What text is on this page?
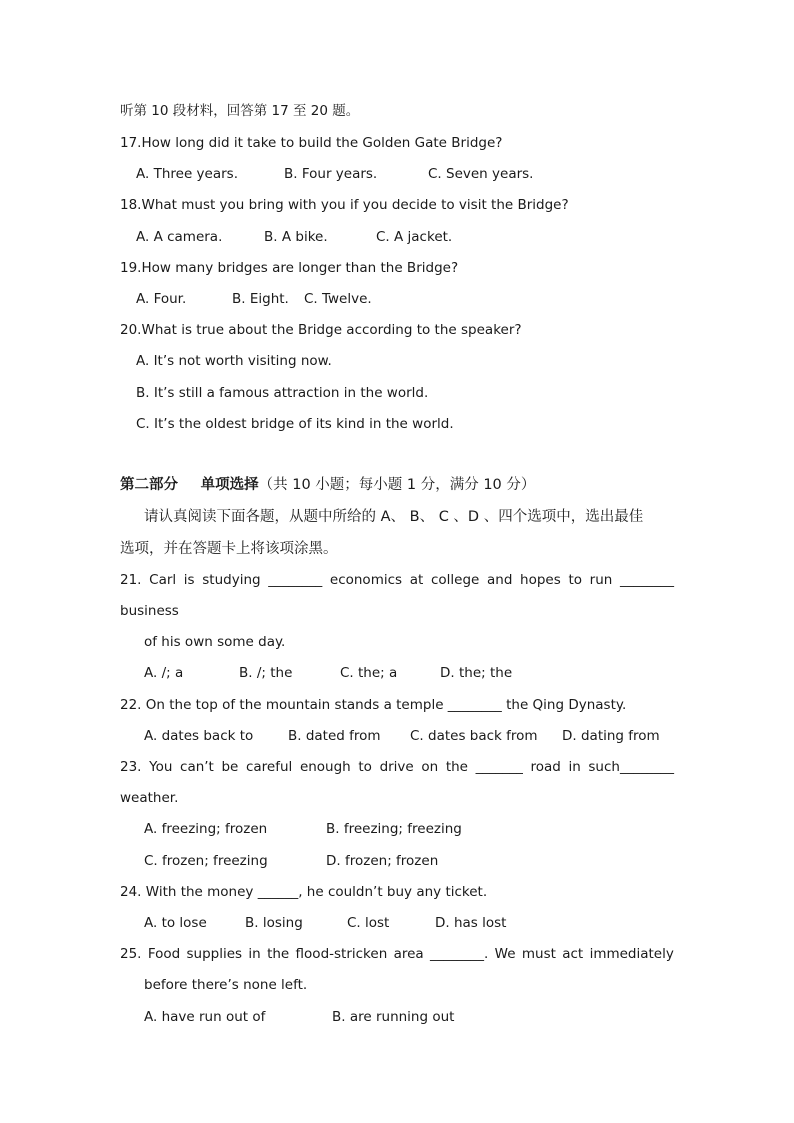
听第 10 段材料，回答第 17 至 20 题。
17.How long did it take to build the Golden Gate Bridge?
A. Three years.	B. Four years.	C. Seven years.
18.What must you bring with you if you decide to visit the Bridge?
A. A camera.	B. A bike.	C. A jacket.
19.How many bridges are longer than the Bridge?
A. Four.	B. Eight. C. Twelve.
20.What is true about the Bridge according to the speaker?
A. It’s not worth visiting now.
B. It’s still a famous attraction in the world.
C. It’s the oldest bridge of its kind in the world.
第二部分 单项选择（共 10 小题；每小题 1 分，满分 10 分）
请认真阅读下面各题，从题中所给的 A、 B、 C 、D 、四个选项中，选出最佳
选项，并在答题卡上将该项涂黑。
21. Carl is studying ________ economics at college and hopes to run ________
business
of his own some day.
A. /; a	B. /; the	C. the; a	D. the; the
22. On the top of the mountain stands a temple ________ the Qing Dynasty.
A. dates back to	B. dated from C. dates back from D. dating from
23. You can’t be careful enough to drive on the _______ road in such________
weather.
A. freezing; frozen	B. freezing; freezing
C. frozen; freezing	D. frozen; frozen
24. With the money ______, he couldn’t buy any ticket.
A. to lose	B. losing	C. lost	D. has lost
25. Food supplies in the flood-stricken area ________. We must act immediately
before there’s none left.
A. have run out of	B. are running out
